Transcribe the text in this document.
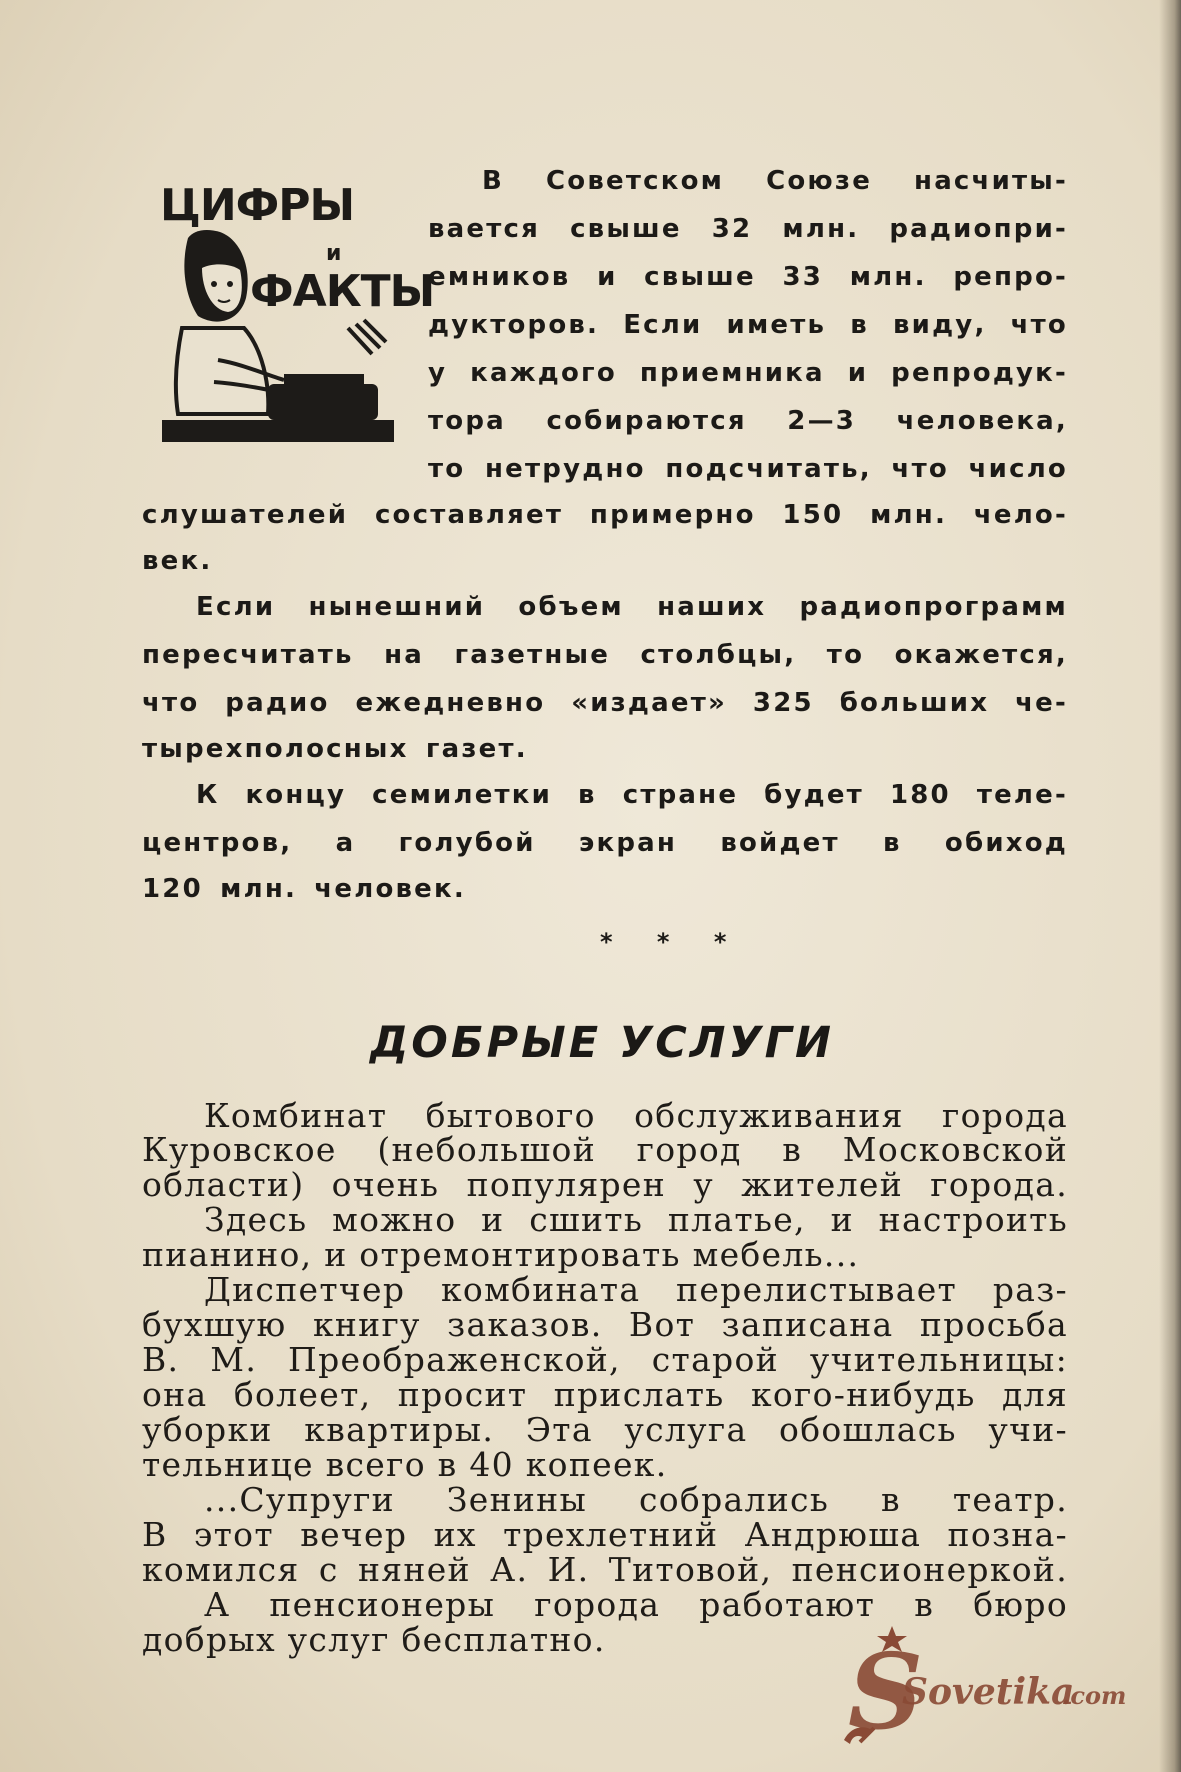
ЦИФРЫ
и
ФАКТЫ
В Советском Союзе насчиты-
вается свыше 32 млн. радиопри-
емников и свыше 33 млн. репро-
дукторов. Если иметь в виду, что
у каждого приемника и репродук-
тора собираются 2—3 человека,
то нетрудно подсчитать, что число
слушателей составляет примерно 150 млн. чело-
век.
Если нынешний объем наших радиопрограмм
пересчитать на газетные столбцы, то окажется,
что радио ежедневно «издает» 325 больших че-
тырехполосных газет.
К концу семилетки в стране будет 180 теле-
центров, а голубой экран войдет в обиход
120 млн. человек.
* * *
ДОБРЫЕ УСЛУГИ
Комбинат бытового обслуживания города
Куровское (небольшой город в Московской
области) очень популярен у жителей города.
Здесь можно и сшить платье, и настроить
пианино, и отремонтировать мебель...
Диспетчер комбината перелистывает раз-
бухшую книгу заказов. Вот записана просьба
В. М. Преображенской, старой учительницы:
она болеет, просит прислать кого-нибудь для
уборки квартиры. Эта услуга обошлась учи-
тельнице всего в 40 копеек.
...Супруги Зенины собрались в театр.
В этот вечер их трехлетний Андрюша позна-
комился с няней А. И. Титовой, пенсионеркой.
А пенсионеры города работают в бюро
добрых услуг бесплатно.	S
Sovetika
.com
